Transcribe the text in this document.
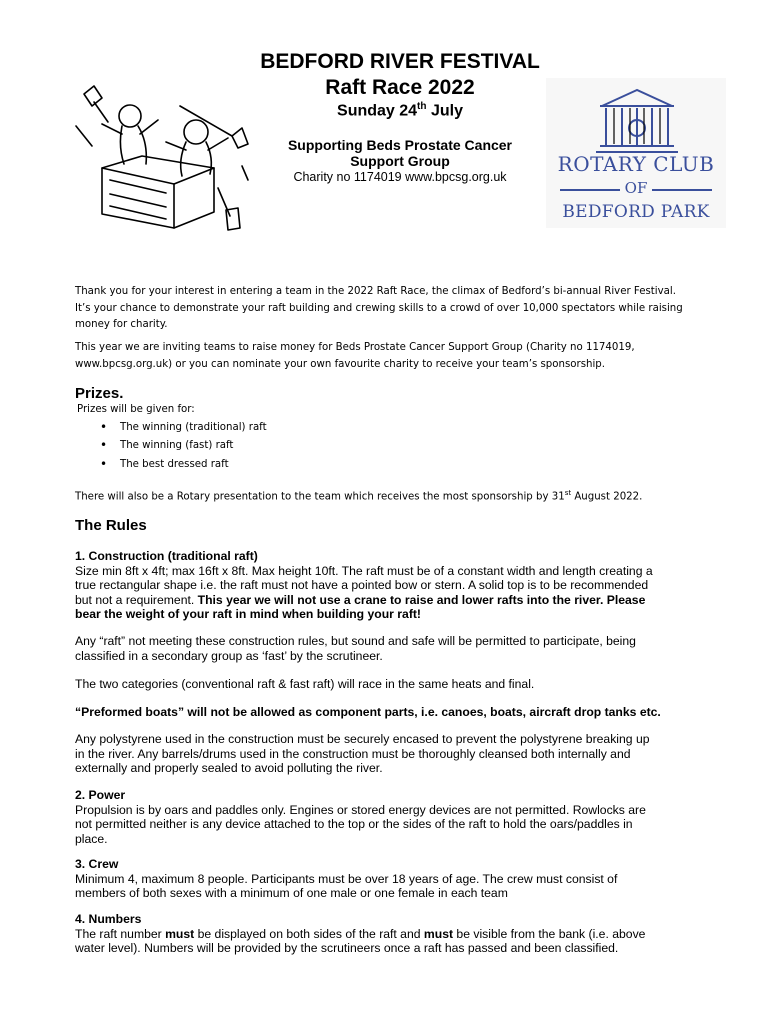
BEDFORD RIVER FESTIVAL
Raft Race 2022
Sunday 24th July
Supporting Beds Prostate Cancer
Support Group
Charity no 1174019 www.bpcsg.org.uk
ROTARY CLUB
OF
BEDFORD PARK
Thank you for your interest in entering a team in the 2022 Raft Race, the climax of Bedford’s bi-annual River Festival.
It’s your chance to demonstrate your raft building and crewing skills to a crowd of over 10,000 spectators while raising
money for charity.
This year we are inviting teams to raise money for Beds Prostate Cancer Support Group (Charity no 1174019,
www.bpcsg.org.uk) or you can nominate your own favourite charity to receive your team’s sponsorship.
Prizes.
Prizes will be given for:
• The winning (traditional) raft
• The winning (fast) raft
• The best dressed raft
There will also be a Rotary presentation to the team which receives the most sponsorship by 31st August 2022.
The Rules
1. Construction (traditional raft)
Size min 8ft x 4ft; max 16ft x 8ft. Max height 10ft. The raft must be of a constant width and length creating a
true rectangular shape i.e. the raft must not have a pointed bow or stern. A solid top is to be recommended
but not a requirement. This year we will not use a crane to raise and lower rafts into the river. Please
bear the weight of your raft in mind when building your raft!
Any “raft” not meeting these construction rules, but sound and safe will be permitted to participate, being
classified in a secondary group as ‘fast’ by the scrutineer.
The two categories (conventional raft & fast raft) will race in the same heats and final.
“Preformed boats” will not be allowed as component parts, i.e. canoes, boats, aircraft drop tanks etc.
Any polystyrene used in the construction must be securely encased to prevent the polystyrene breaking up
in the river. Any barrels/drums used in the construction must be thoroughly cleansed both internally and
externally and properly sealed to avoid polluting the river.
2. Power
Propulsion is by oars and paddles only. Engines or stored energy devices are not permitted. Rowlocks are
not permitted neither is any device attached to the top or the sides of the raft to hold the oars/paddles in
place.
3. Crew
Minimum 4, maximum 8 people. Participants must be over 18 years of age. The crew must consist of
members of both sexes with a minimum of one male or one female in each team
4. Numbers
The raft number must be displayed on both sides of the raft and must be visible from the bank (i.e. above
water level). Numbers will be provided by the scrutineers once a raft has passed and been classified.
